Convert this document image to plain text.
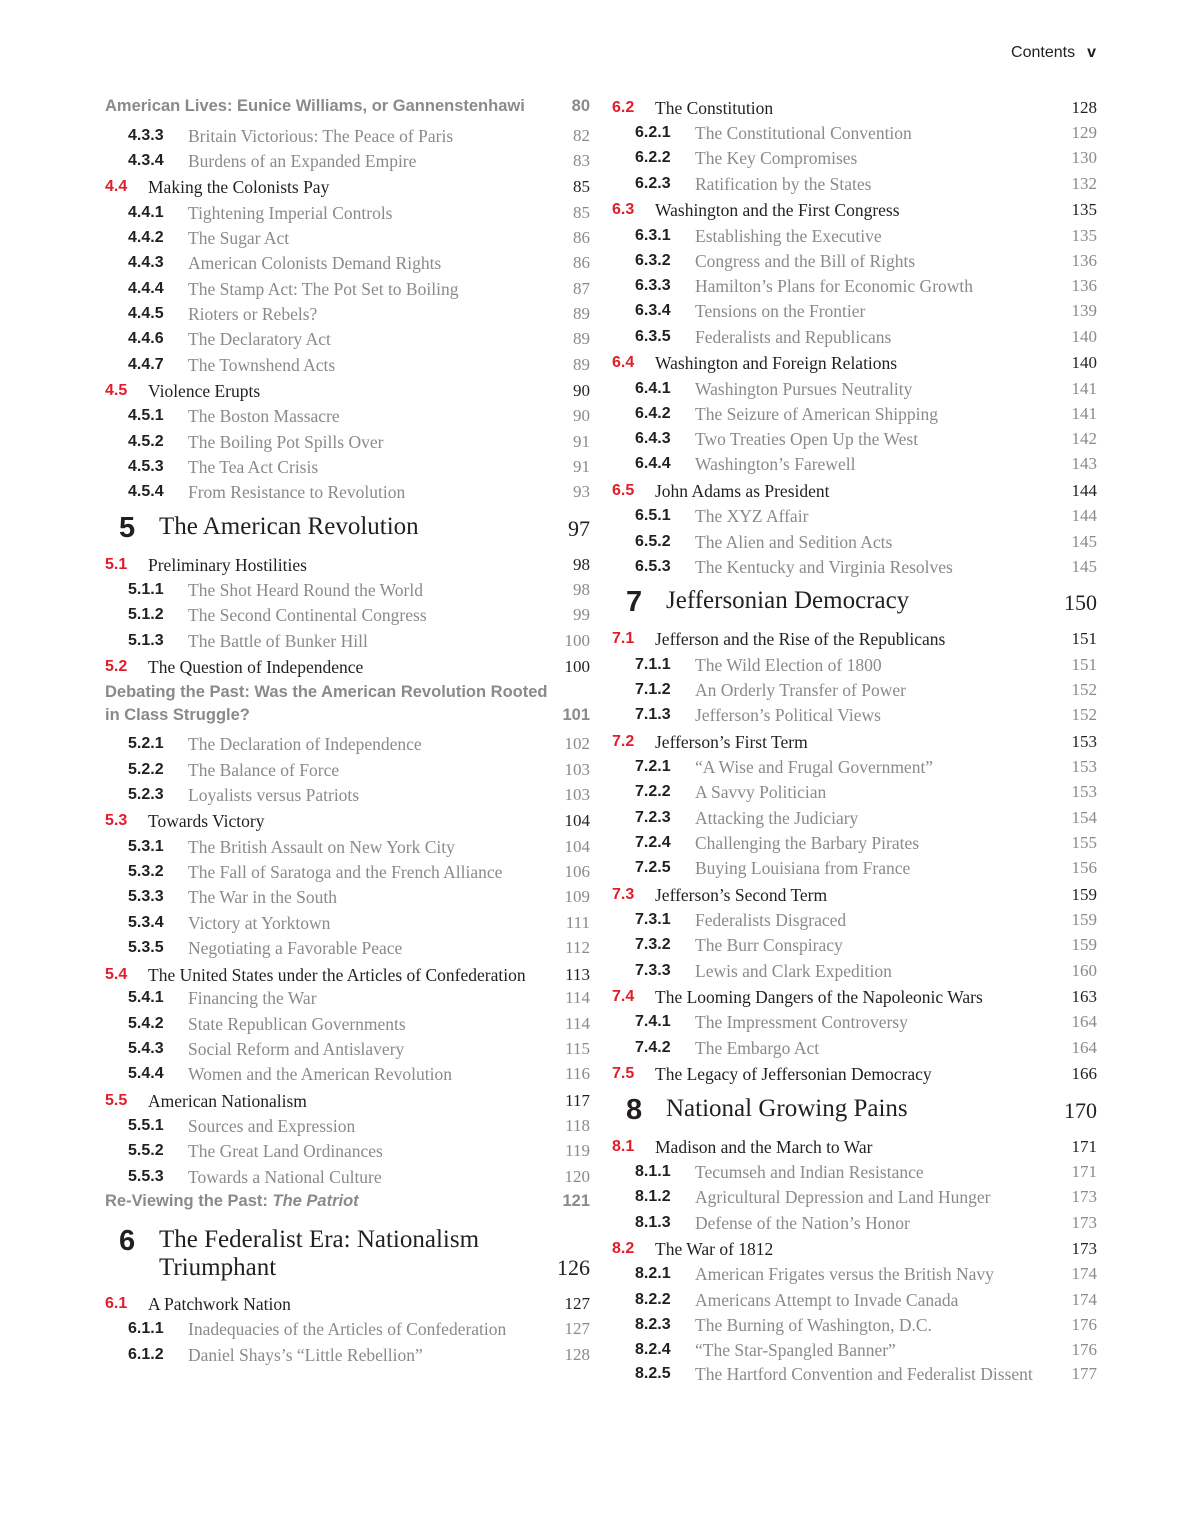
Contents v
American Lives: Eunice Williams, or Gannenstenhawi	80
4.3.3	Britain Victorious: The Peace of Paris	82
4.3.4	Burdens of an Expanded Empire	83
4.4	Making the Colonists Pay	85
4.4.1	Tightening Imperial Controls	85
4.4.2	The Sugar Act	86
4.4.3	American Colonists Demand Rights	86
4.4.4	The Stamp Act: The Pot Set to Boiling	87
4.4.5	Rioters or Rebels?	89
4.4.6	The Declaratory Act	89
4.4.7	The Townshend Acts	89
4.5	Violence Erupts	90
4.5.1	The Boston Massacre	90
4.5.2	The Boiling Pot Spills Over	91
4.5.3	The Tea Act Crisis	91
4.5.4	From Resistance to Revolution	93
5 The American Revolution	97
5.1	Preliminary Hostilities	98
5.1.1	The Shot Heard Round the World	98
5.1.2	The Second Continental Congress	99
5.1.3	The Battle of Bunker Hill	100
5.2	The Question of Independence	100
Debating the Past: Was the American Revolution Rooted in Class Struggle?	101
5.2.1	The Declaration of Independence	102
5.2.2	The Balance of Force	103
5.2.3	Loyalists versus Patriots	103
5.3	Towards Victory	104
5.3.1	The British Assault on New York City	104
5.3.2	The Fall of Saratoga and the French Alliance	106
5.3.3	The War in the South	109
5.3.4	Victory at Yorktown	111
5.3.5	Negotiating a Favorable Peace	112
5.4	The United States under the Articles of Confederation	113
5.4.1	Financing the War	114
5.4.2	State Republican Governments	114
5.4.3	Social Reform and Antislavery	115
5.4.4	Women and the American Revolution	116
5.5	American Nationalism	117
5.5.1	Sources and Expression	118
5.5.2	The Great Land Ordinances	119
5.5.3	Towards a National Culture	120
Re-Viewing the Past: The Patriot	121
6 The Federalist Era: Nationalism Triumphant	126
6.1	A Patchwork Nation	127
6.1.1	Inadequacies of the Articles of Confederation	127
6.1.2	Daniel Shays’s “Little Rebellion”	128
6.2	The Constitution	128
6.2.1	The Constitutional Convention	129
6.2.2	The Key Compromises	130
6.2.3	Ratification by the States	132
6.3	Washington and the First Congress	135
6.3.1	Establishing the Executive	135
6.3.2	Congress and the Bill of Rights	136
6.3.3	Hamilton’s Plans for Economic Growth	136
6.3.4	Tensions on the Frontier	139
6.3.5	Federalists and Republicans	140
6.4	Washington and Foreign Relations	140
6.4.1	Washington Pursues Neutrality	141
6.4.2	The Seizure of American Shipping	141
6.4.3	Two Treaties Open Up the West	142
6.4.4	Washington’s Farewell	143
6.5	John Adams as President	144
6.5.1	The XYZ Affair	144
6.5.2	The Alien and Sedition Acts	145
6.5.3	The Kentucky and Virginia Resolves	145
7 Jeffersonian Democracy	150
7.1	Jefferson and the Rise of the Republicans	151
7.1.1	The Wild Election of 1800	151
7.1.2	An Orderly Transfer of Power	152
7.1.3	Jefferson’s Political Views	152
7.2	Jefferson’s First Term	153
7.2.1	“A Wise and Frugal Government”	153
7.2.2	A Savvy Politician	153
7.2.3	Attacking the Judiciary	154
7.2.4	Challenging the Barbary Pirates	155
7.2.5	Buying Louisiana from France	156
7.3	Jefferson’s Second Term	159
7.3.1	Federalists Disgraced	159
7.3.2	The Burr Conspiracy	159
7.3.3	Lewis and Clark Expedition	160
7.4	The Looming Dangers of the Napoleonic Wars	163
7.4.1	The Impressment Controversy	164
7.4.2	The Embargo Act	164
7.5	The Legacy of Jeffersonian Democracy	166
8 National Growing Pains	170
8.1	Madison and the March to War	171
8.1.1	Tecumseh and Indian Resistance	171
8.1.2	Agricultural Depression and Land Hunger	173
8.1.3	Defense of the Nation’s Honor	173
8.2	The War of 1812	173
8.2.1	American Frigates versus the British Navy	174
8.2.2	Americans Attempt to Invade Canada	174
8.2.3	The Burning of Washington, D.C.	176
8.2.4	“The Star-Spangled Banner”	176
8.2.5	The Hartford Convention and Federalist Dissent	177
